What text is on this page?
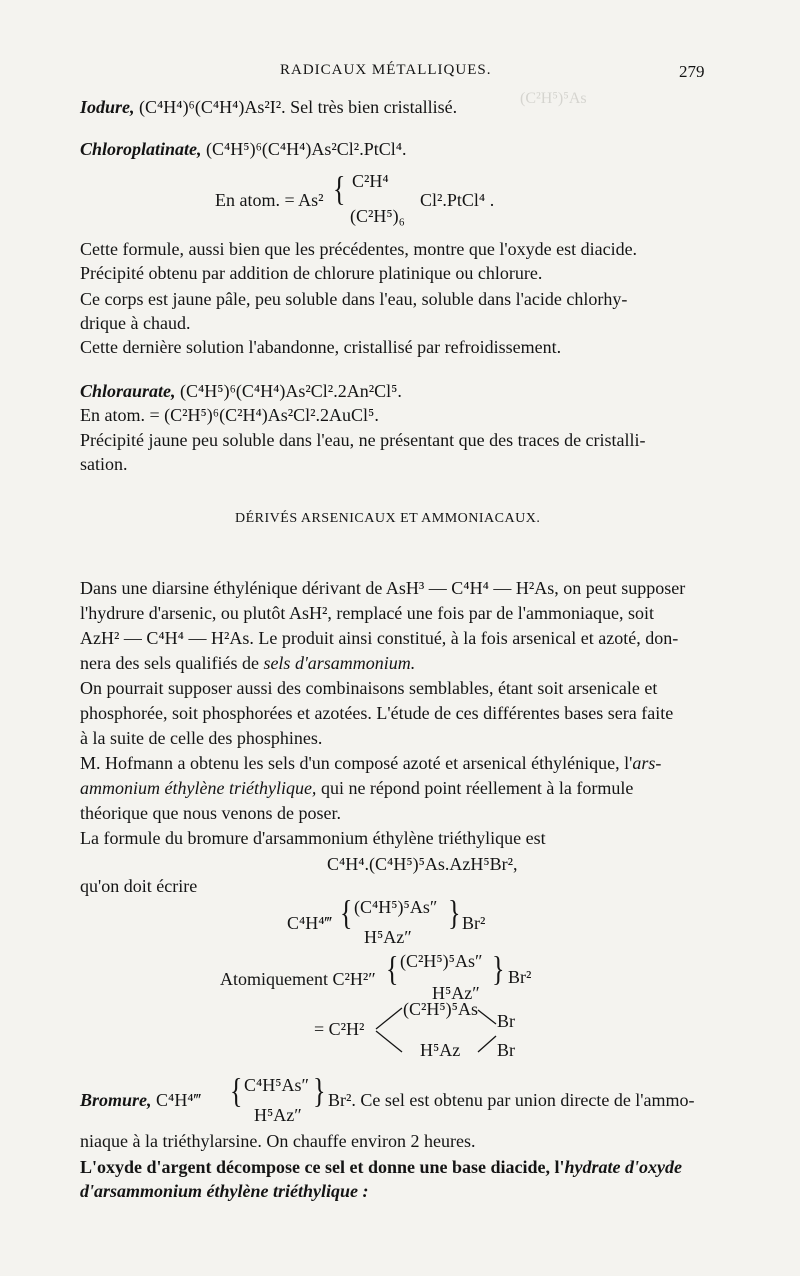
(C²H⁵)⁵As
RADICAUX MÉTALLIQUES.	279
Iodure, (C⁴H⁴)⁶(C⁴H⁴)As²I². Sel très bien cristallisé.
Chloroplatinate, (C⁴H⁵)⁶(C⁴H⁴)As²Cl².PtCl⁴.
En atom. = As² { C²H⁴
(C²H⁵)₆
Cl².PtCl⁴ .
Cette formule, aussi bien que les précédentes, montre que l'oxyde est diacide.
Précipité obtenu par addition de chlorure platinique ou chlorure.
Ce corps est jaune pâle, peu soluble dans l'eau, soluble dans l'acide chlorhy-
drique à chaud.
Cette dernière solution l'abandonne, cristallisé par refroidissement.
Chloraurate, (C⁴H⁵)⁶(C⁴H⁴)As²Cl².2An²Cl⁵.
En atom. = (C²H⁵)⁶(C²H⁴)As²Cl².2AuCl⁵.
Précipité jaune peu soluble dans l'eau, ne présentant que des traces de cristalli-
sation.
DÉRIVÉS ARSENICAUX ET AMMONIACAUX.
Dans une diarsine éthylénique dérivant de AsH³ — C⁴H⁴ — H²As, on peut supposer
l'hydrure d'arsenic, ou plutôt AsH², remplacé une fois par de l'ammoniaque, soit
AzH² — C⁴H⁴ — H²As. Le produit ainsi constitué, à la fois arsenical et azoté, don-
nera des sels qualifiés de sels d'arsammonium.
On pourrait supposer aussi des combinaisons semblables, étant soit arsenicale et
phosphorée, soit phosphorées et azotées. L'étude de ces différentes bases sera faite
à la suite de celle des phosphines.
M. Hofmann a obtenu les sels d'un composé azoté et arsenical éthylénique, l'ars-
ammonium éthylène triéthylique, qui ne répond point réellement à la formule
théorique que nous venons de poser.
La formule du bromure d'arsammonium éthylène triéthylique est
C⁴H⁴.(C⁴H⁵)⁵As.AzH⁵Br²,
qu'on doit écrire
C⁴H⁴‴ { (C⁴H⁵)⁵As″
H⁵Az″
} Br²
Atomiquement C²H²″ { (C²H⁵)⁵As″
H⁵Az″
} Br²
= C²H²
(C²H⁵)⁵As
H⁵Az
Br
Br
Bromure, C⁴H⁴‴ { C⁴H⁵As″
H⁵Az″
} Br². Ce sel est obtenu par union directe de l'ammo-
niaque à la triéthylarsine. On chauffe environ 2 heures.
L'oxyde d'argent décompose ce sel et donne une base diacide, l'hydrate d'oxyde
d'arsammonium éthylène triéthylique :
